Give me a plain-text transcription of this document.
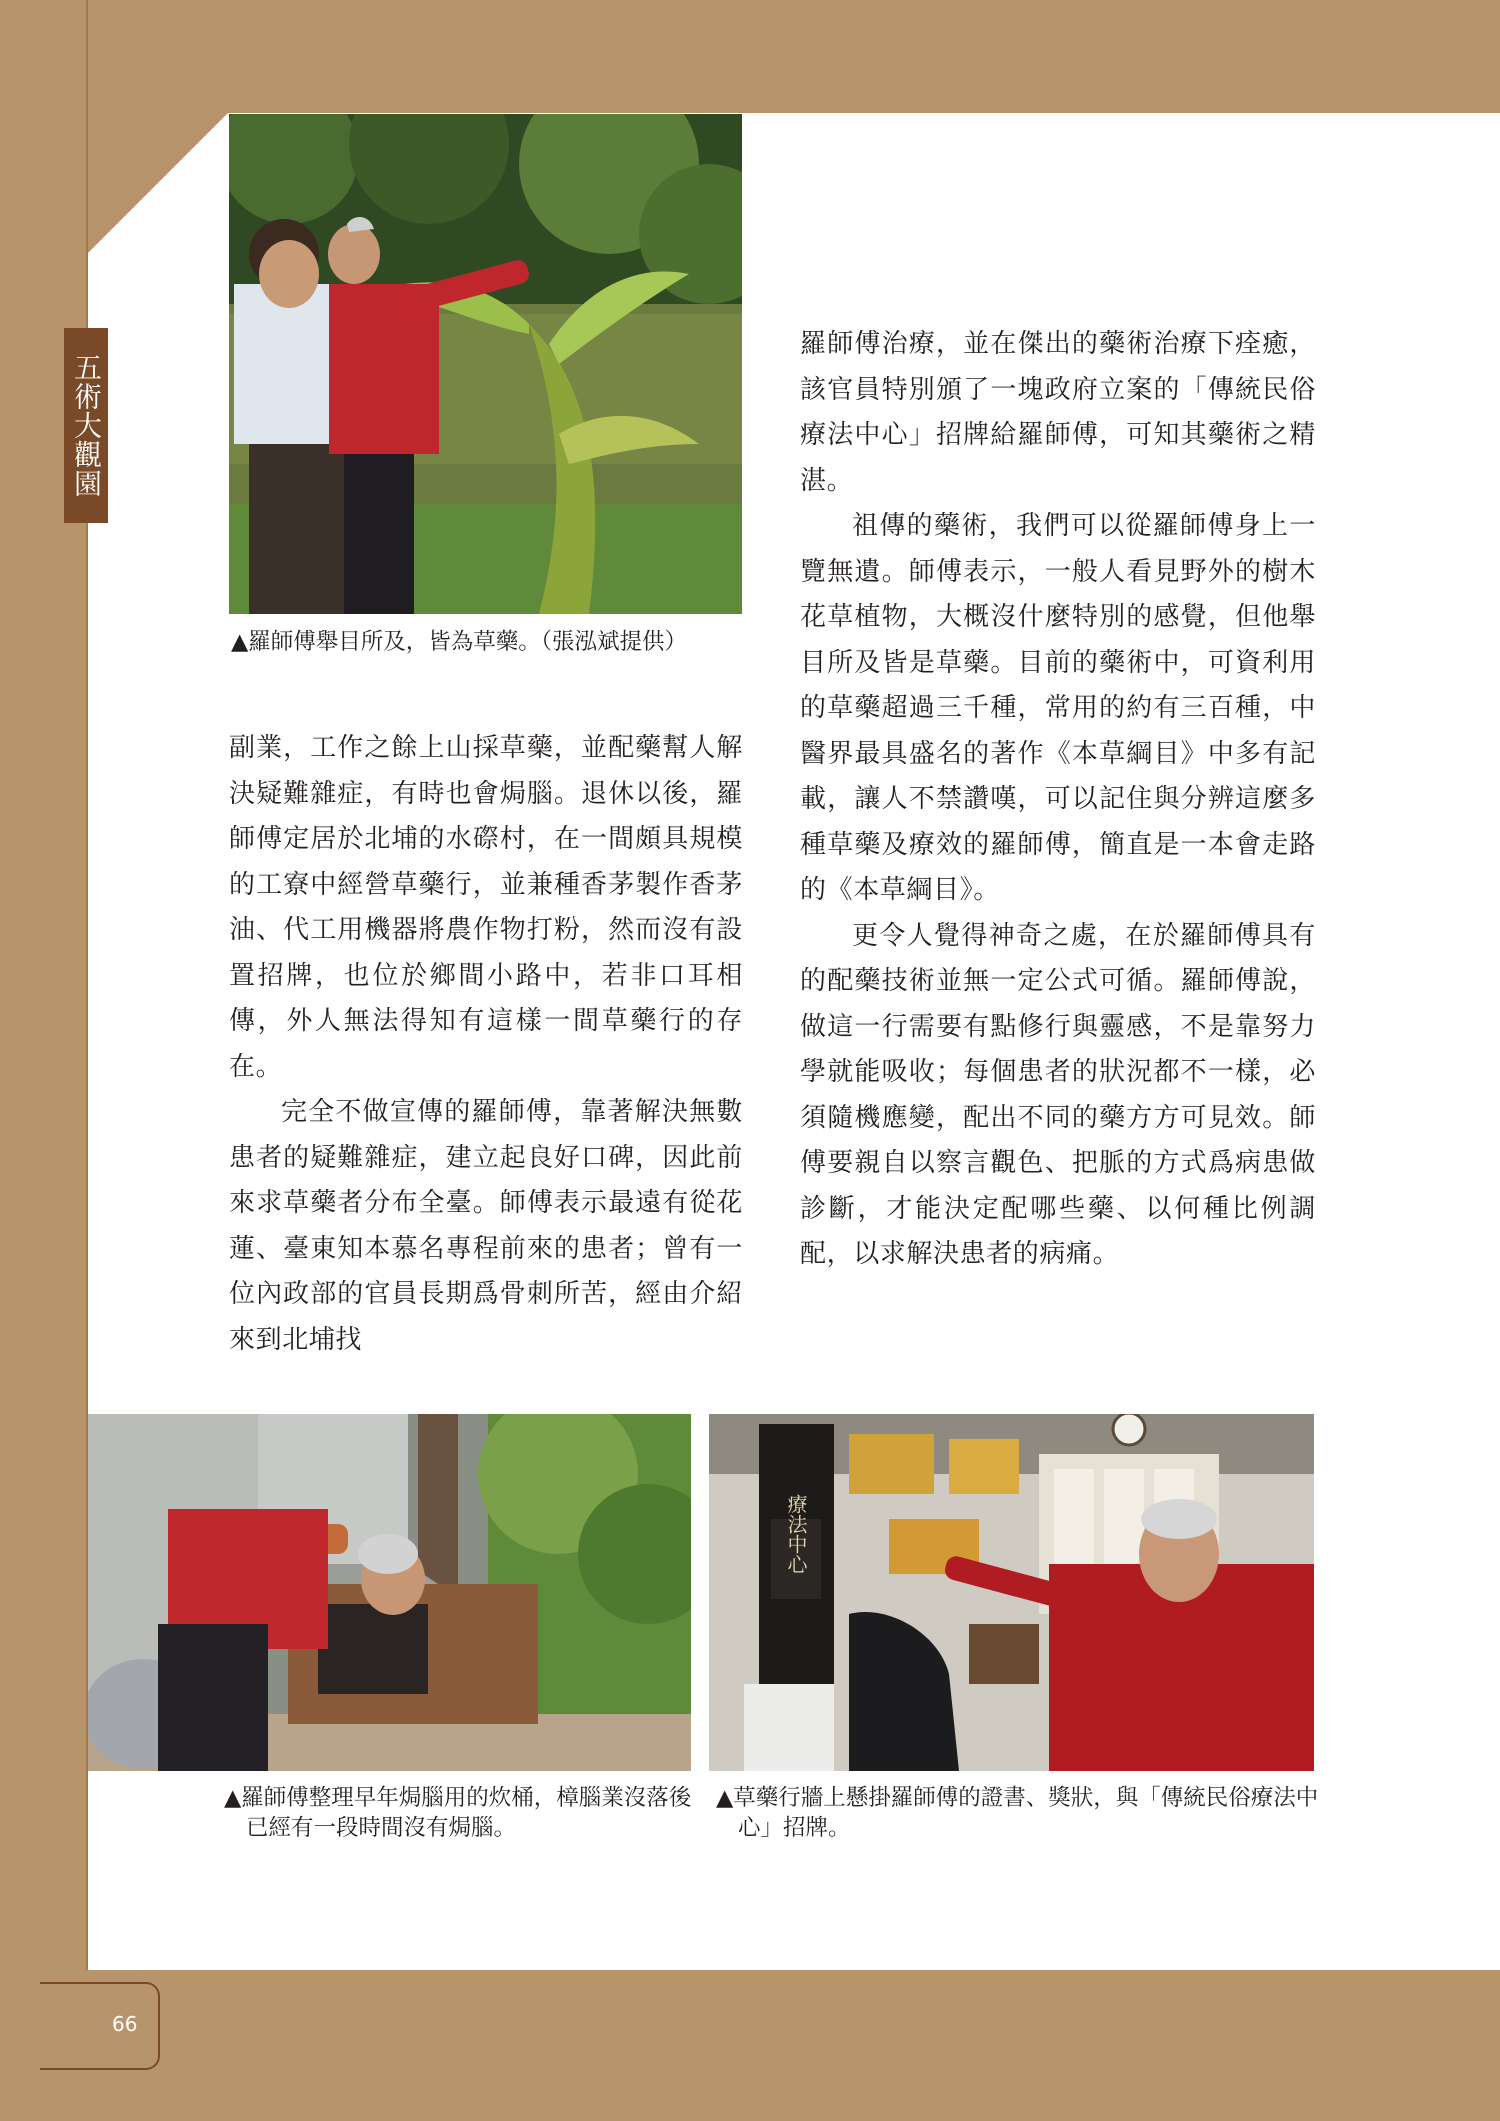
五術大觀園
66
▲羅師傅舉目所及，皆為草藥。（張泓斌提供）

副業，工作之餘上山採草藥，並配藥幫人解決疑難雜症，有時也會焗腦。退休以後，羅師傅定居於北埔的水磜村，在一間頗具規模的工寮中經營草藥行，並兼種香茅製作香茅油、代工用機器將農作物打粉，然而沒有設置招牌，也位於鄉間小路中，若非口耳相傳，外人無法得知有這樣一間草藥行的存在。

完全不做宣傳的羅師傅，靠著解決無數患者的疑難雜症，建立起良好口碑，因此前來求草藥者分布全臺。師傅表示最遠有從花蓮、臺東知本慕名專程前來的患者；曾有一位內政部的官員長期爲骨刺所苦，經由介紹來到北埔找

羅師傅治療，並在傑出的藥術治療下痊癒，該官員特別頒了一塊政府立案的「傳統民俗療法中心」招牌給羅師傅，可知其藥術之精湛。

祖傳的藥術，我們可以從羅師傅身上一覽無遺。師傅表示，一般人看見野外的樹木花草植物，大概沒什麼特別的感覺，但他舉目所及皆是草藥。目前的藥術中，可資利用的草藥超過三千種，常用的約有三百種，中醫界最具盛名的著作《本草綱目》中多有記載，讓人不禁讚嘆，可以記住與分辨這麼多種草藥及療效的羅師傅，簡直是一本會走路的《本草綱目》。

更令人覺得神奇之處，在於羅師傅具有的配藥技術並無一定公式可循。羅師傅說，做這一行需要有點修行與靈感，不是靠努力學就能吸收；每個患者的狀況都不一樣，必須隨機應變，配出不同的藥方方可見效。師傅要親自以察言觀色、把脈的方式爲病患做診斷，才能決定配哪些藥、以何種比例調配，以求解決患者的病痛。

▲羅師傅整理早年焗腦用的炊桶，樟腦業沒落後已經有一段時間沒有焗腦。
療法中心
▲草藥行牆上懸掛羅師傅的證書、獎狀，與「傳統民俗療法中心」招牌。
